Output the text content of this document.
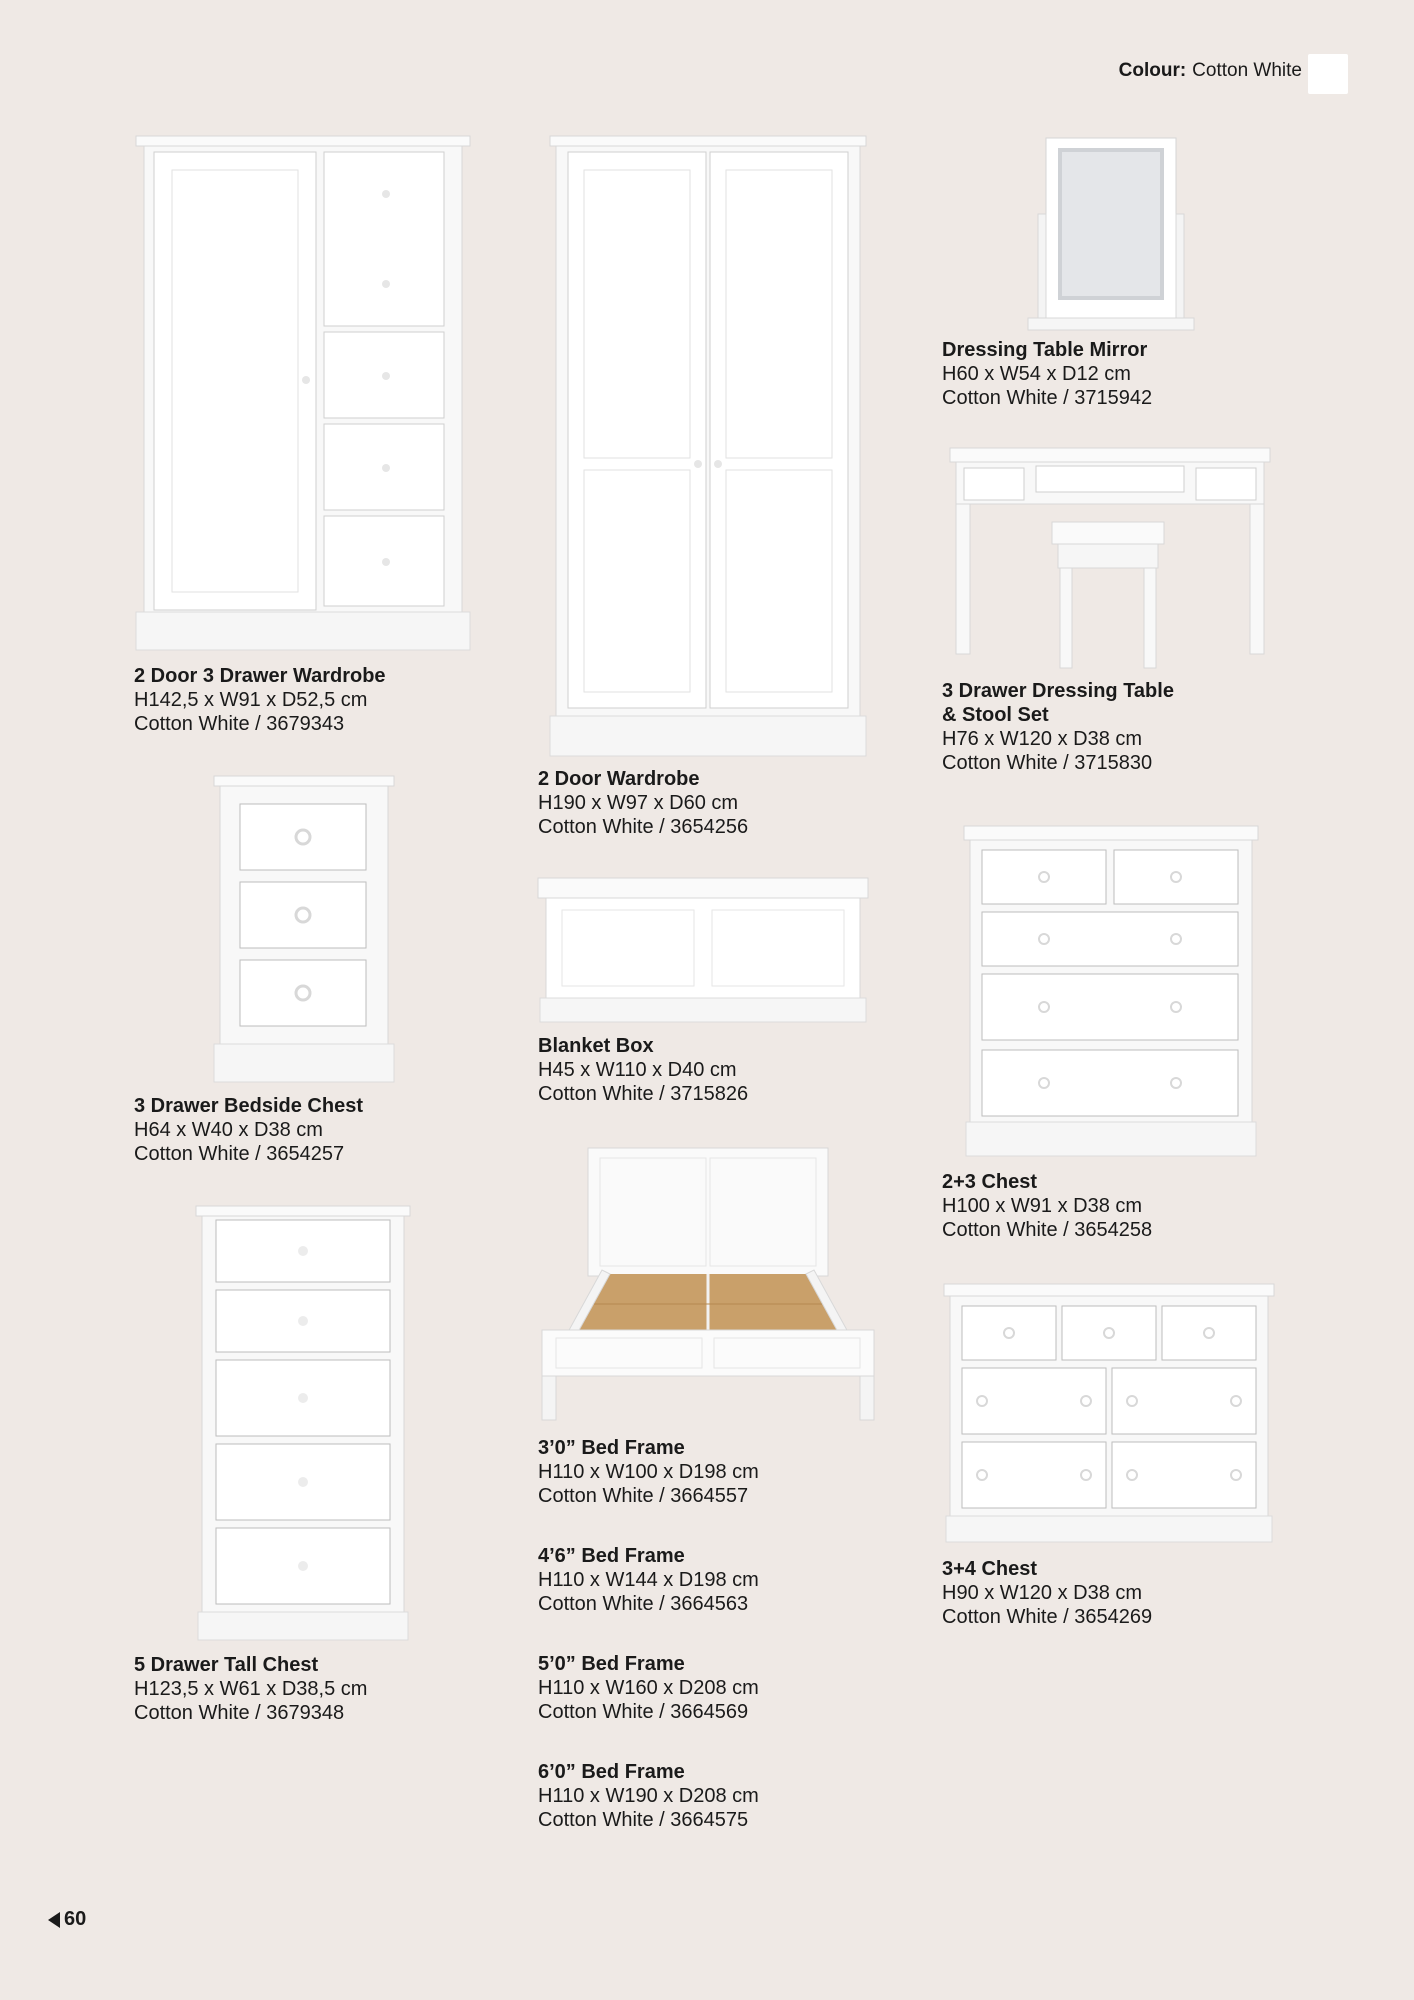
Colour: Cotton White
2 Door 3 Drawer Wardrobe
H142,5 x W91 x D52,5 cm
Cotton White / 3679343
2 Door Wardrobe
H190 x W97 x D60 cm
Cotton White / 3654256
Dressing Table Mirror
H60 x W54 x D12 cm
Cotton White / 3715942
3 Drawer Dressing Table
& Stool Set
H76 x W120 x D38 cm
Cotton White / 3715830
3 Drawer Bedside Chest
H64 x W40 x D38 cm
Cotton White / 3654257
Blanket Box
H45 x W110 x D40 cm
Cotton White / 3715826
2+3 Chest
H100 x W91 x D38 cm
Cotton White / 3654258
5 Drawer Tall Chest
H123,5 x W61 x D38,5 cm
Cotton White / 3679348
3’0” Bed Frame
H110 x W100 x D198 cm
Cotton White / 3664557
4’6” Bed Frame
H110 x W144 x D198 cm
Cotton White / 3664563
5’0” Bed Frame
H110 x W160 x D208 cm
Cotton White / 3664569
6’0” Bed Frame
H110 x W190 x D208 cm
Cotton White / 3664575
3+4 Chest
H90 x W120 x D38 cm
Cotton White / 3654269
60
